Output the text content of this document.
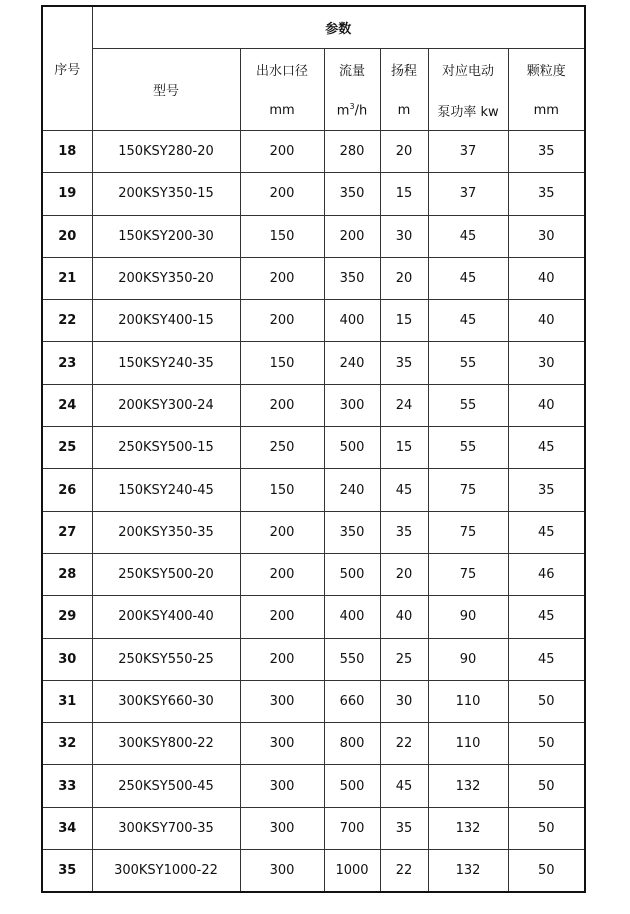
序号	参数					
	型号	出水口径	流量	扬程	对应电动	颗粒度
		mm	$m^3/h$	m	泵功率 kw	mm
18	150KSY280-20	200	280	20	37	35
19	200KSY350-15	200	350	15	37	35
20	150KSY200-30	150	200	30	45	30
21	200KSY350-20	200	350	20	45	40
22	200KSY400-15	200	400	15	45	40
23	150KSY240-35	150	240	35	55	30
24	200KSY300-24	200	300	24	55	40
25	250KSY500-15	250	500	15	55	45
26	150KSY240-45	150	240	45	75	35
27	200KSY350-35	200	350	35	75	45
28	250KSY500-20	200	500	20	75	46
29	200KSY400-40	200	400	40	90	45
30	250KSY550-25	200	550	25	90	45
31	300KSY660-30	300	660	30	110	50
32	300KSY800-22	300	800	22	110	50
33	250KSY500-45	300	500	45	132	50
34	300KSY700-35	300	700	35	132	50
35	300KSY1000-22	300	1000	22	132	50
